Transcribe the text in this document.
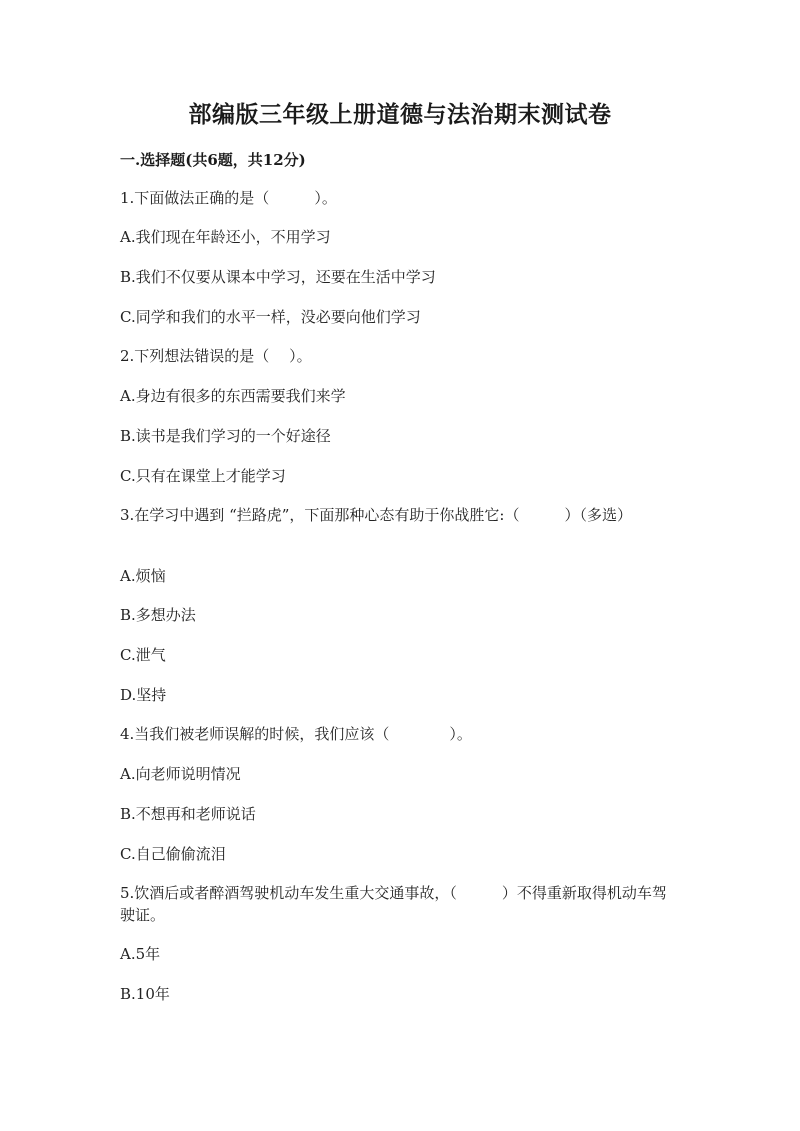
部编版三年级上册道德与法治期末测试卷
一.选择题(共6题，共12分)
1.下面做法正确的是（　　　）。
A.我们现在年龄还小，不用学习
B.我们不仅要从课本中学习，还要在生活中学习
C.同学和我们的水平一样，没必要向他们学习
2.下列想法错误的是（　 ）。
A.身边有很多的东西需要我们来学
B.读书是我们学习的一个好途径
C.只有在课堂上才能学习
3.在学习中遇到 “拦路虎”，下面那种心态有助于你战胜它:（　　　）（多选）
A.烦恼
B.多想办法
C.泄气
D.坚持
4.当我们被老师误解的时候，我们应该（　　　　）。
A.向老师说明情况
B.不想再和老师说话
C.自己偷偷流泪
5.饮酒后或者醉酒驾驶机动车发生重大交通事故，（　　　）不得重新取得机动车驾驶证。
A.5年
B.10年
